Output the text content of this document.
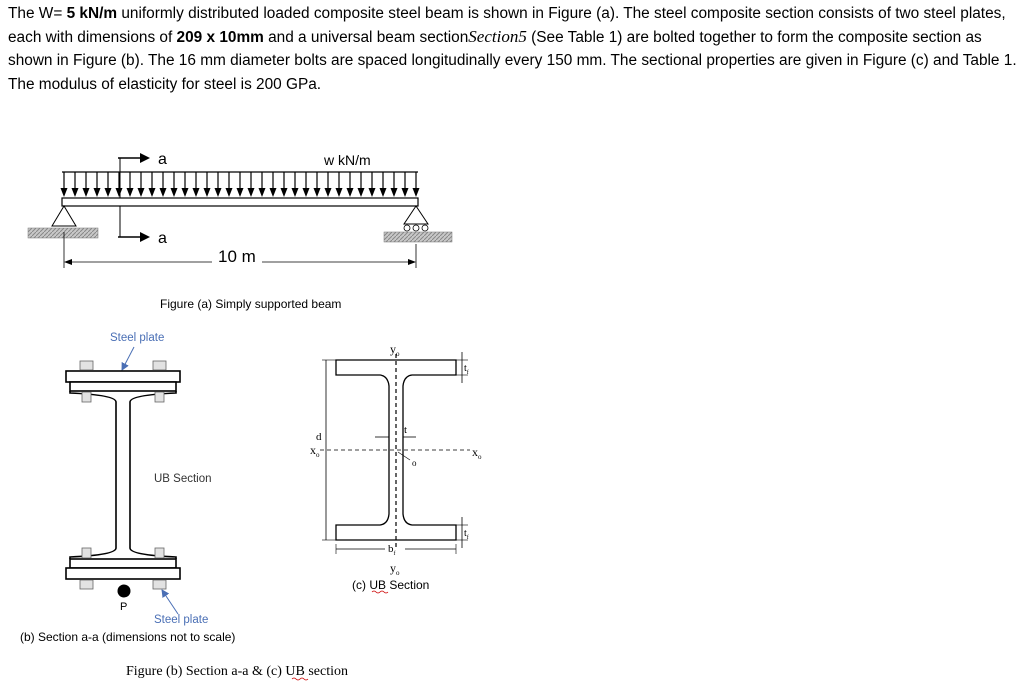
The W= 5 kN/m uniformly distributed loaded composite steel beam is shown in Figure (a). The steel composite section consists of two steel plates, each with dimensions of 209 x 10mm and a universal beam sectionSection5 (See Table 1) are bolted together to form the composite section as shown in Figure (b). The 16 mm diameter bolts are spaced longitudinally every 150 mm. The sectional properties are given in Figure (c) and Table 1. The modulus of elasticity for steel is 200 GPa.
a
a
w kN/m
10 m
Figure (a) Simply supported beam
Steel plate
UB Section
P
Steel plate
(b) Section a-a (dimensions not to scale)
$y_o$
$y_o$
$x_o$	$x_o$
d
t
o
$t_f$
$t_f$
$b_f$
(c) UB Section
Figure (b) Section a-a & (c) UB section
